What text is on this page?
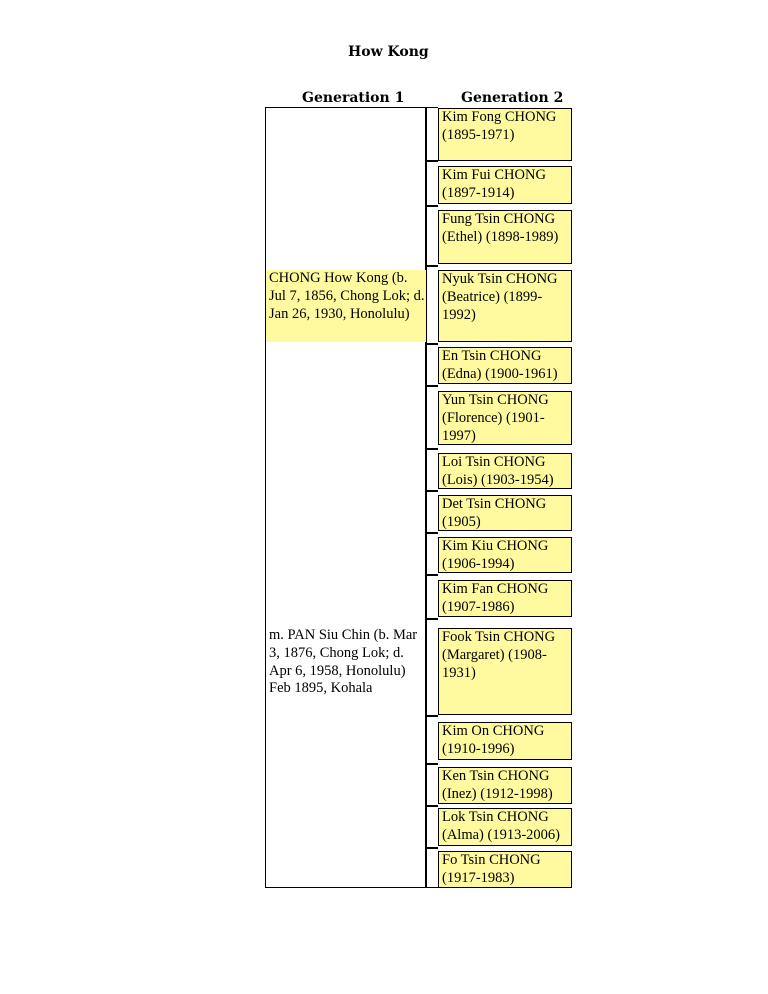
How Kong
Generation 1	Generation 2
CHONG How Kong (b. Jul 7, 1856, Chong Lok; d. Jan 26, 1930, Honolulu)
m. PAN Siu Chin (b. Mar 3, 1876, Chong Lok; d. Apr 6, 1958, Honolulu) Feb 1895, Kohala
Kim Fong CHONG (1895-1971)
Kim Fui CHONG (1897-1914)
Fung Tsin CHONG (Ethel) (1898-1989)
Nyuk Tsin CHONG (Beatrice) (1899-1992)
En Tsin CHONG (Edna) (1900-1961)
Yun Tsin CHONG (Florence) (1901-1997)
Loi Tsin CHONG (Lois) (1903-1954)
Det Tsin CHONG (1905)
Kim Kiu CHONG (1906-1994)
Kim Fan CHONG (1907-1986)
Fook Tsin CHONG (Margaret) (1908-1931)
Kim On CHONG (1910-1996)
Ken Tsin CHONG (Inez) (1912-1998)
Lok Tsin CHONG (Alma) (1913-2006)
Fo Tsin CHONG (1917-1983)
